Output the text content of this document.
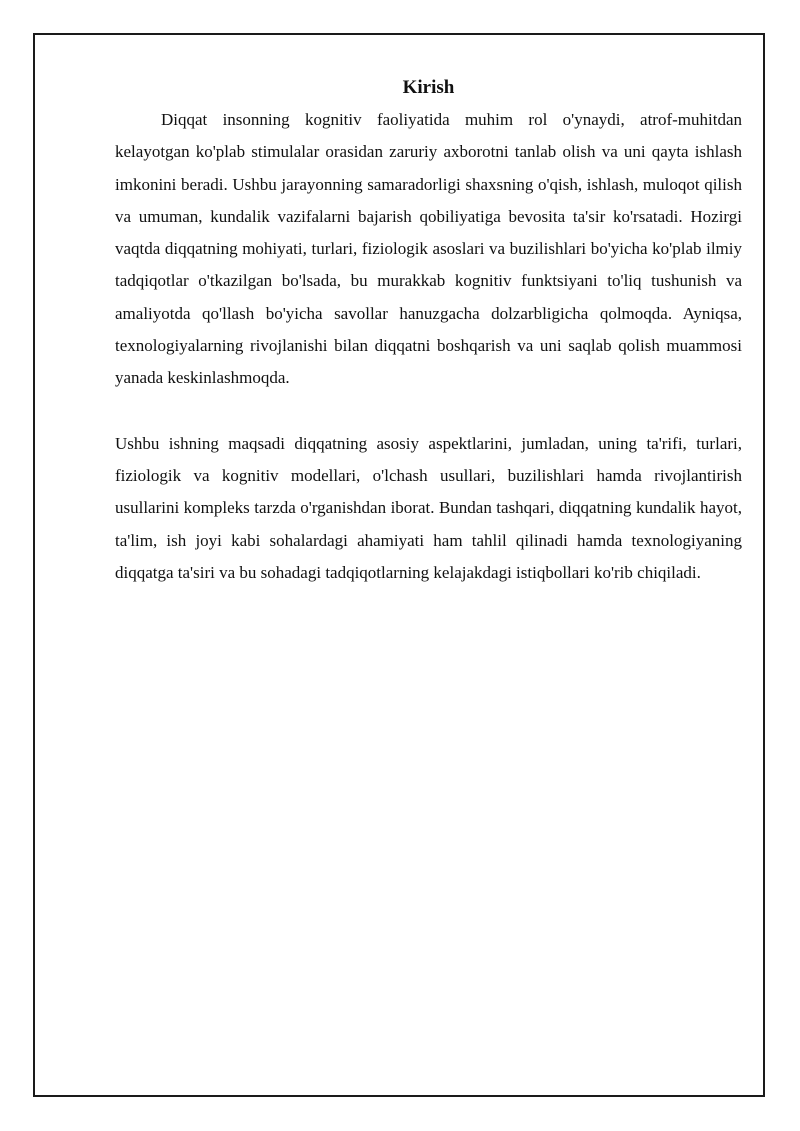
Kirish

Diqqat insonning kognitiv faoliyatida muhim rol o'ynaydi, atrof-muhitdan kelayotgan ko'plab stimulalar orasidan zaruriy axborotni tanlab olish va uni qayta ishlash imkonini beradi. Ushbu jarayonning samaradorligi shaxsning o'qish, ishlash, muloqot qilish va umuman, kundalik vazifalarni bajarish qobiliyatiga bevosita ta'sir ko'rsatadi. Hozirgi vaqtda diqqatning mohiyati, turlari, fiziologik asoslari va buzilishlari bo'yicha ko'plab ilmiy tadqiqotlar o'tkazilgan bo'lsada, bu murakkab kognitiv funktsiyani to'liq tushunish va amaliyotda qo'llash bo'yicha savollar hanuzgacha dolzarbligicha qolmoqda. Ayniqsa, texnologiyalarning rivojlanishi bilan diqqatni boshqarish va uni saqlab qolish muammosi yanada keskinlashmoqda.

Ushbu ishning maqsadi diqqatning asosiy aspektlarini, jumladan, uning ta'rifi, turlari, fiziologik va kognitiv modellari, o'lchash usullari, buzilishlari hamda rivojlantirish usullarini kompleks tarzda o'rganishdan iborat. Bundan tashqari, diqqatning kundalik hayot, ta'lim, ish joyi kabi sohalardagi ahamiyati ham tahlil qilinadi hamda texnologiyaning diqqatga ta'siri va bu sohadagi tadqiqotlarning kelajakdagi istiqbollari ko'rib chiqiladi.
